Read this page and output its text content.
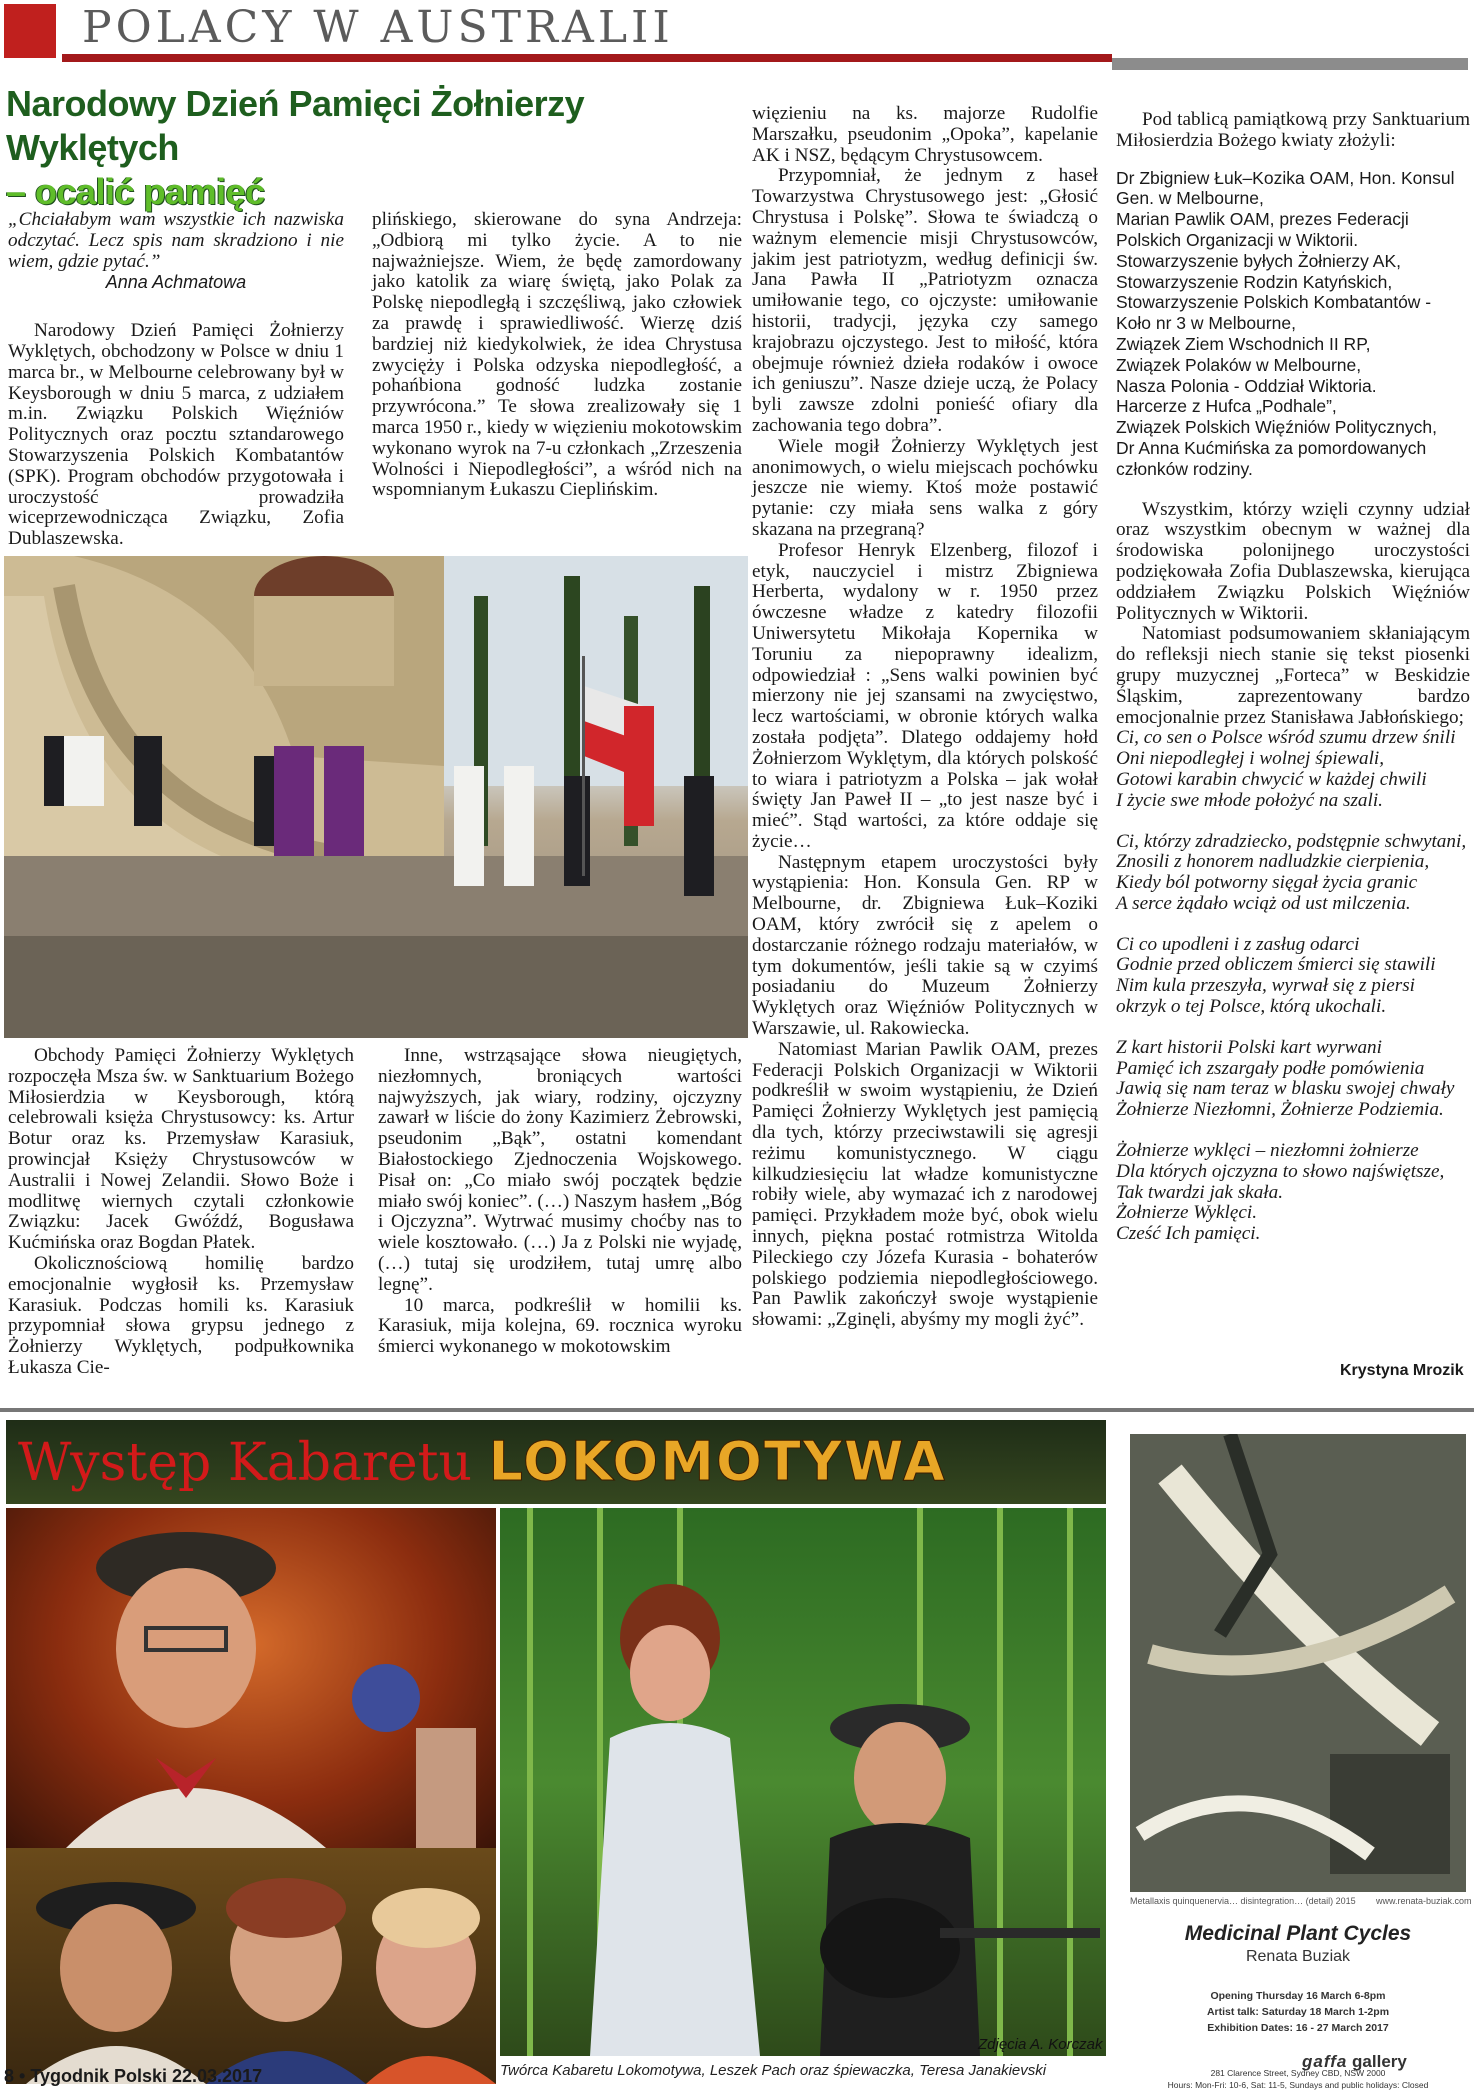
POLACY W AUSTRALII
Narodowy Dzień Pamięci Żołnierzy Wyklętych
– ocalić pamięć

„Chciałabym wam wszystkie ich nazwiska odczytać. Lecz spis nam skradziono i nie wiem, gdzie pytać.”

Anna Achmatowa

Narodowy Dzień Pamięci Żołnierzy Wyklętych, obchodzony w Polsce w dniu 1 marca br., w Melbourne celebrowany był w Keysborough w dniu 5 marca, z udziałem m.in. Związku Polskich Więźniów Politycznych oraz pocztu sztandarowego Stowarzyszenia Polskich Kombatantów (SPK). Program obchodów przygotowała i uroczystość prowadziła wiceprzewodnicząca Związku, Zofia Dublaszewska.

plińskiego, skierowane do syna Andrzeja: „Odbiorą mi tylko życie. A to nie najważniejsze. Wiem, że będę zamordowany jako katolik za wiarę świętą, jako Polak za Polskę niepodległą i szczęśliwą, jako człowiek za prawdę i sprawiedliwość. Wierzę dziś bardziej niż kiedykolwiek, że idea Chrystusa zwycięży i Polska odzyska niepodległość, a pohańbiona godność ludzka zostanie przywrócona.” Te słowa zrealizowały się 1 marca 1950 r., kiedy w więzieniu mokotowskim wykonano wyrok na 7-u członkach „Zrzeszenia Wolności i Niepodległości”, a wśród nich na wspomnianym Łukaszu Cieplińskim.

Obchody Pamięci Żołnierzy Wyklętych rozpoczęła Msza św. w Sanktuarium Bożego Miłosierdzia w Keysborough, którą celebrowali księża Chrystusowcy: ks. Artur Botur oraz ks. Przemysław Karasiuk, prowincjał Księży Chrystusowców w Australii i Nowej Zelandii. Słowo Boże i modlitwę wiernych czytali członkowie Związku: Jacek Gwóźdź, Bogusława Kućmińska oraz Bogdan Płatek.

Okolicznościową homilię bardzo emocjonalnie wygłosił ks. Przemysław Karasiuk. Podczas homili ks. Karasiuk przypomniał słowa grypsu jednego z Żołnierzy Wyklętych, podpułkownika Łukasza Cie-

Inne, wstrząsające słowa nieugiętych, niezłomnych, broniących wartości najwyższych, jak wiary, rodziny, ojczyzny zawarł w liście do żony Kazimierz Żebrowski, pseudonim „Bąk”, ostatni komendant Białostockiego Zjednoczenia Wojskowego. Pisał on: „Co miało swój początek będzie miało swój koniec”. (…) Naszym hasłem „Bóg i Ojczyzna”. Wytrwać musimy choćby nas to wiele kosztowało. (…) Ja z Polski nie wyjadę, (…) tutaj się urodziłem, tutaj umrę albo legnę”.

10 marca, podkreślił w homilii ks. Karasiuk, mija kolejna, 69. rocznica wyroku śmierci wykonanego w mokotowskim

więzieniu na ks. majorze Rudolfie Marszałku, pseudonim „Opoka”, kapelanie AK i NSZ, będącym Chrystusowcem.

Przypomniał, że jednym z haseł Towarzystwa Chrystusowego jest: „Głosić Chrystusa i Polskę”. Słowa te świadczą o ważnym elemencie misji Chrystusowców, jakim jest patriotyzm, według definicji św. Jana Pawła II „Patriotyzm oznacza umiłowanie tego, co ojczyste: umiłowanie historii, tradycji, języka czy samego krajobrazu ojczystego. Jest to miłość, która obejmuje również dzieła rodaków i owoce ich geniuszu”. Nasze dzieje uczą, że Polacy byli zawsze zdolni ponieść ofiary dla zachowania tego dobra”.

Wiele mogił Żołnierzy Wyklętych jest anonimowych, o wielu miejscach pochówku jeszcze nie wiemy. Ktoś może postawić pytanie: czy miała sens walka z góry skazana na przegraną?

Profesor Henryk Elzenberg, filozof i etyk, nauczyciel i mistrz Zbigniewa Herberta, wydalony w r. 1950 przez ówczesne władze z katedry filozofii Uniwersytetu Mikołaja Kopernika w Toruniu za niepoprawny idealizm, odpowiedział : „Sens walki powinien być mierzony nie jej szansami na zwycięstwo, lecz wartościami, w obronie których walka została podjęta”. Dlatego oddajemy hołd Żołnierzom Wyklętym, dla których polskość to wiara i patriotyzm a Polska – jak wołał święty Jan Paweł II – „to jest nasze być i mieć”. Stąd wartości, za które oddaje się życie…

Następnym etapem uroczystości były wystąpienia: Hon. Konsula Gen. RP w Melbourne, dr. Zbigniewa Łuk–Koziki OAM, który zwrócił się z apelem o dostarczanie różnego rodzaju materiałów, w tym dokumentów, jeśli takie są w czyimś posiadaniu do Muzeum Żołnierzy Wyklętych oraz Więźniów Politycznych w Warszawie, ul. Rakowiecka.

Natomiast Marian Pawlik OAM, prezes Federacji Polskich Organizacji w Wiktorii podkreślił w swoim wystąpieniu, że Dzień Pamięci Żołnierzy Wyklętych jest pamięcią dla tych, którzy przeciwstawili się agresji reżimu komunistycznego. W ciągu kilkudziesięciu lat władze komunistyczne robiły wiele, aby wymazać ich z narodowej pamięci. Przykładem może być, obok wielu innych, piękna postać rotmistrza Witolda Pileckiego czy Józefa Kurasia - bohaterów polskiego podziemia niepodległościowego. Pan Pawlik zakończył swoje wystąpienie słowami: „Zginęli, abyśmy my mogli żyć”.

Pod tablicą pamiątkową przy Sanktuarium Miłosierdzia Bożego kwiaty złożyli:

Dr Zbigniew Łuk–Kozika OAM, Hon. Konsul Gen. w Melbourne,
Marian Pawlik OAM, prezes Federacji Polskich Organizacji w Wiktorii.
Stowarzyszenie byłych Żołnierzy AK,
Stowarzyszenie Rodzin Katyńskich,
Stowarzyszenie Polskich Kombatantów - Koło nr 3 w Melbourne,
Związek Ziem Wschodnich II RP,
Związek Polaków w Melbourne,
Nasza Polonia - Oddział Wiktoria.
Harcerze z Hufca „Podhale”,
Związek Polskich Więźniów Politycznych,
Dr Anna Kućmińska za pomordowanych członków rodziny.

Wszystkim, którzy wzięli czynny udział oraz wszystkim obecnym w ważnej dla środowiska polonijnego uroczystości podziękowała Zofia Dublaszewska, kierująca oddziałem Związku Polskich Więźniów Politycznych w Wiktorii.

Natomiast podsumowaniem skłaniającym do refleksji niech stanie się tekst piosenki grupy muzycznej „Forteca” w Beskidzie Śląskim, zaprezentowany bardzo emocjonalnie przez Stanisława Jabłońskiego;

Ci, co sen o Polsce wśród szumu drzew śnili
Oni niepodległej i wolnej śpiewali,
Gotowi karabin chwycić w każdej chwili
I życie swe młode położyć na szali.

Ci, którzy zdradziecko, podstępnie schwytani,
Znosili z honorem nadludzkie cierpienia,
Kiedy ból potworny sięgał życia granic
A serce żądało wciąż od ust milczenia.

Ci co upodleni i z zasług odarci
Godnie przed obliczem śmierci się stawili
Nim kula przeszyła, wyrwał się z piersi
okrzyk o tej Polsce, którą ukochali.

Z kart historii Polski kart wyrwani
Pamięć ich zszargały podłe pomówienia
Jawią się nam teraz w blasku swojej chwały
Żołnierze Niezłomni, Żołnierze Podziemia.

Żołnierze wyklęci – niezłomni żołnierze
Dla których ojczyzna to słowo najświętsze,
Tak twardzi jak skała.
Żołnierze Wyklęci.
Cześć Ich pamięci.

Krystyna Mrozik
Występ Kabaretu LOKOMOTYWA
Zdjęcia A. Korczak
Twórca Kabaretu Lokomotywa, Leszek Pach oraz śpiewaczka, Teresa Janakievski
Metallaxis quinquenervia… disintegration… (detail) 2015 www.renata-buziak.com
Medicinal Plant Cycles
Renata Buziak
Opening Thursday 16 March 6-8pm
Artist talk: Saturday 18 March 1-2pm
Exhibition Dates: 16 - 27 March 2017
281 Clarence Street, Sydney CBD, NSW 2000
Hours: Mon-Fri: 10-6, Sat: 11-5, Sundays and public holidays: Closed
gaffa gallery
8 • Tygodnik Polski 22.03.2017
